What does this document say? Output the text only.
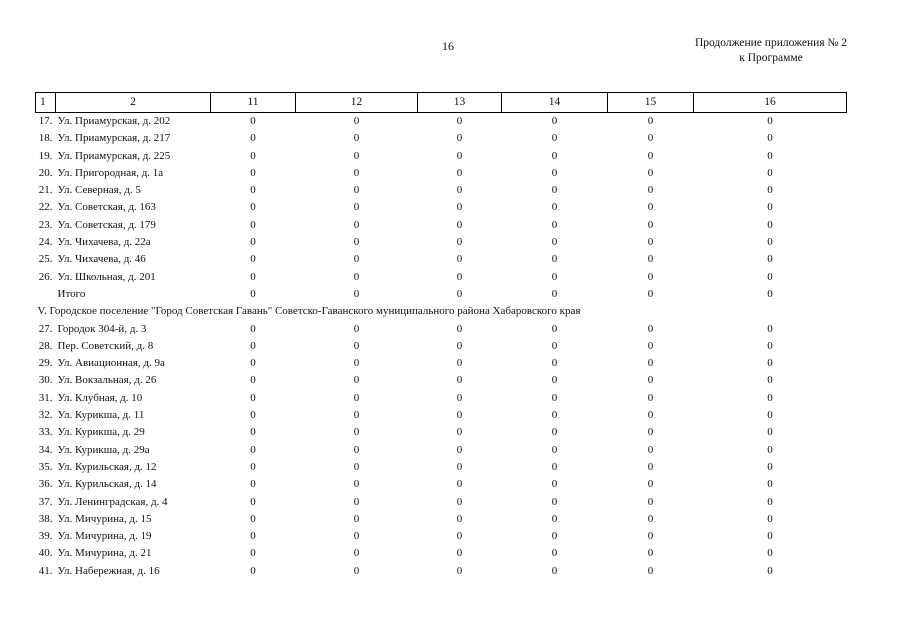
16	Продолжение приложения № 2
к Программе
1	2	11	12	13	14	15	16
17.	Ул. Приамурская, д. 202	0	0	0	0	0	0
18.	Ул. Приамурская, д. 217	0	0	0	0	0	0
19.	Ул. Приамурская, д. 225	0	0	0	0	0	0
20.	Ул. Пригородная, д. 1а	0	0	0	0	0	0
21.	Ул. Северная, д. 5	0	0	0	0	0	0
22.	Ул. Советская, д. 163	0	0	0	0	0	0
23.	Ул. Советская, д. 179	0	0	0	0	0	0
24.	Ул. Чихачева, д. 22а	0	0	0	0	0	0
25.	Ул. Чихачева, д. 46	0	0	0	0	0	0
26.	Ул. Школьная, д. 201	0	0	0	0	0	0
	Итого	0	0	0	0	0	0
V. Городское поселение "Город Советская Гавань" Советско-Гаванского муниципального района Хабаровского края							
27.	Городок 304-й, д. 3	0	0	0	0	0	0
28.	Пер. Советский, д. 8	0	0	0	0	0	0
29.	Ул. Авиационная, д. 9а	0	0	0	0	0	0
30.	Ул. Вокзальная, д. 26	0	0	0	0	0	0
31.	Ул. Клубная, д. 10	0	0	0	0	0	0
32.	Ул. Курикша, д. 11	0	0	0	0	0	0
33.	Ул. Курикша, д. 29	0	0	0	0	0	0
34.	Ул. Курикша, д. 29а	0	0	0	0	0	0
35.	Ул. Курильская, д. 12	0	0	0	0	0	0
36.	Ул. Курильская, д. 14	0	0	0	0	0	0
37.	Ул. Ленинградская, д. 4	0	0	0	0	0	0
38.	Ул. Мичурина, д. 15	0	0	0	0	0	0
39.	Ул. Мичурина, д. 19	0	0	0	0	0	0
40.	Ул. Мичурина, д. 21	0	0	0	0	0	0
41.	Ул. Набережная, д. 16	0	0	0	0	0	0
